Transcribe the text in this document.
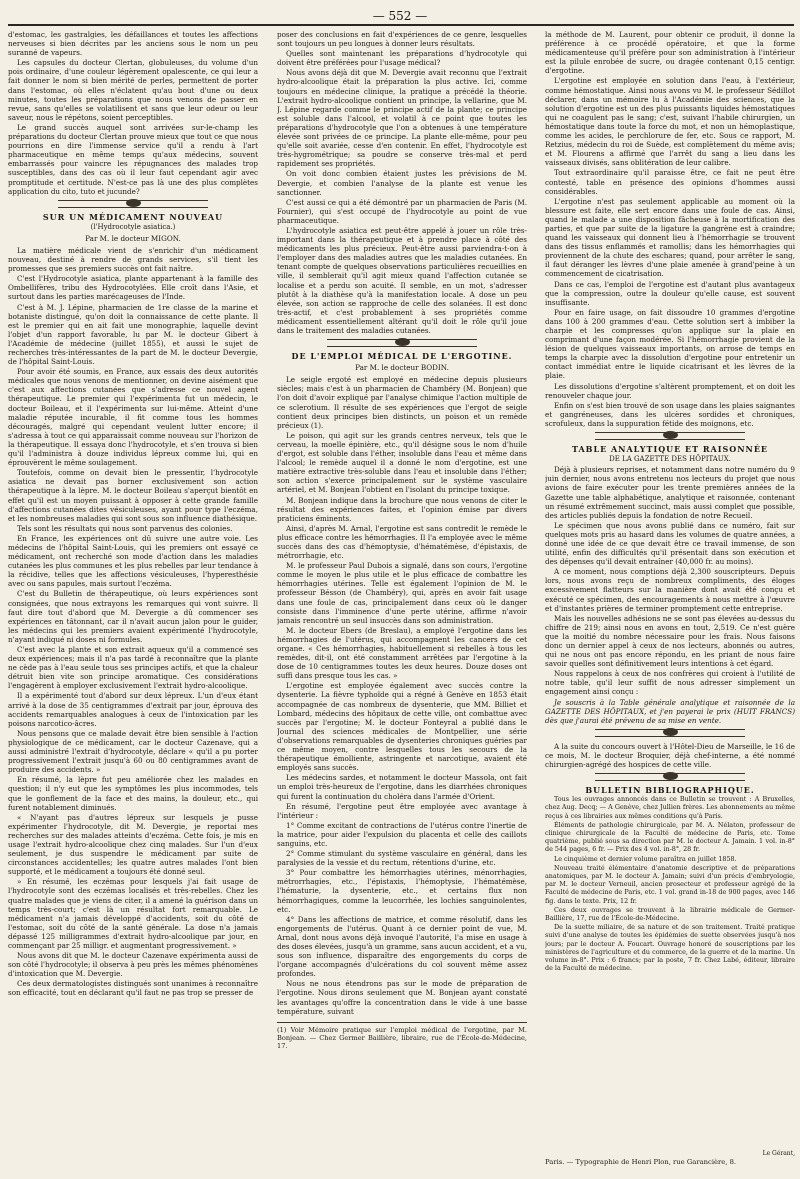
— 552 —

d'estomac, les gastralgies, les défaillances et toutes les affections nerveuses si bien décrites par les anciens sous le nom un peu suranné de vapeurs.

Les capsules du docteur Clertan, globuleuses, du volume d'un pois ordinaire, d'une couleur légèrement opalescente, ce qui leur a fait donner le nom si bien mérité de perles, permettent de porter dans l'estomac, où elles n'éclatent qu'au bout d'une ou deux minutes, toutes les préparations que nous venons de passer en revue, sans qu'elles se volatilisent et sans que leur odeur ou leur saveur, nous le répétons, soient perceptibles.

Le grand succès auquel sont arrivées sur-le-champ les préparations du docteur Clertan prouve mieux que tout ce que nous pourrions en dire l'immense service qu'il a rendu à l'art pharmaceutique en même temps qu'aux médecins, souvent embarrassés pour vaincre les répugnances des malades trop susceptibles, dans des cas où il leur faut cependant agir avec promptitude et certitude. N'est-ce pas là une des plus complètes application du cito, tuto et jucunde?

SUR UN MÉDICAMENT NOUVEAU
(l'Hydrocotyle asiatica.)
Par M. le docteur MIGON.

La matière médicale vient de s'enrichir d'un médicament nouveau, destiné à rendre de grands services, s'il tient les promesses que ses premiers succès ont fait naître.

C'est l'Hydrocotyle asiatica, plante appartenant à la famille des Ombellifères, tribu des Hydrocotylées. Elle croît dans l'Asie, et surtout dans les parties marécageuses de l'Inde.

C'est à M. J. Lépine, pharmacien de 1re classe de la marine et botaniste distingué, qu'on doit la connaissance de cette plante. Il est le premier qui en ait fait une monographie, laquelle devint l'objet d'un rapport favorable, lu par M. le docteur Gibert à l'Académie de médecine (juillet 1855), et aussi le sujet de recherches très-intéressantes de la part de M. le docteur Devergie, de l'hôpital Saint-Louis.

Pour avoir été soumis, en France, aux essais des deux autorités médicales que nous venons de mentionner, on devine aisément que c'est aux affections cutanées que s'adresse ce nouvel agent thérapeutique. Le premier qui l'expérimenta fut un médecin, le docteur Boileau, et il l'expérimenta sur lui-même. Atteint d'une maladie réputée incurable, il fit comme tous les hommes découragés, malgré qui cependant veulent lutter encore; il s'adressa à tout ce qui apparaissait comme nouveau sur l'horizon de la thérapeutique. Il essaya donc l'hydrocotyle, et s'en trouva si bien qu'il l'administra à douze individus lépreux comme lui, qui en éprouvèrent le même soulagement.

Toutefois, comme on devait bien le pressentir, l'hydrocotyle asiatica ne devait pas borner exclusivement son action thérapeutique à la lèpre. M. le docteur Boileau s'aperçut bientôt en effet qu'il est un moyen puissant à opposer à cette grande famille d'affections cutanées dites vésiculeuses, ayant pour type l'eczéma, et les nombreuses maladies qui sont sous son influence diathésique.

Tels sont les résultats qui nous sont parvenus des colonies.

En France, les expériences ont dû suivre une autre voie. Les médecins de l'hôpital Saint-Louis, qui les premiers ont essayé ce médicament, ont recherché son mode d'action dans les maladies cutanées les plus communes et les plus rebelles par leur tendance à la récidive, telles que les affections vésiculeuses, l'hyperesthésie avec ou sans papules, mais surtout l'eczéma.

C'est du Bulletin de thérapeutique, où leurs expériences sont consignées, que nous extrayons les remarques qui vont suivre. Il faut dire tout d'abord que M. Devergie a dû commencer ses expériences en tâtonnant, car il n'avait aucun jalon pour le guider, les médecins qui les premiers avaient expérimenté l'hydrocotyle, n'ayant indiqué ni doses ni formules.

C'est avec la plante et son extrait aqueux qu'il a commencé ses deux expériences; mais il n'a pas tardé à reconnaître que la plante ne cède pas à l'eau seule tous ses principes actifs, et que la chaleur détruit bien vite son principe aromatique. Ces considérations l'engagèrent à employer exclusivement l'extrait hydro-alcoolique.

Il a expérimenté tout d'abord sur deux lépreux. L'un d'eux étant arrivé à la dose de 35 centigrammes d'extrait par jour, éprouva des accidents remarquables analogues à ceux de l'intoxication par les poisons narcotico-âcres.

Nous pensons que ce malade devait être bien sensible à l'action physiologique de ce médicament, car le docteur Cazenave, qui a aussi administré l'extrait d'hydrocotyle, déclare « qu'il a pu porter progressivement l'extrait jusqu'à 60 ou 80 centigrammes avant de produire des accidents. »

En résumé, la lèpre fut peu améliorée chez les malades en question; il n'y eut que les symptômes les plus incommodes, tels que le gonflement de la face et des mains, la douleur, etc., qui furent notablement diminués.

« N'ayant pas d'autres lépreux sur lesquels je pusse expérimenter l'hydrocotyle, dit M. Devergie, je reportai mes recherches sur des malades atteints d'eczéma. Cette fois, je mis en usage l'extrait hydro-alcoolique chez cinq malades. Sur l'un d'eux seulement, je dus suspendre le médicament par suite de circonstances accidentelles; les quatre autres malades l'ont bien supporté, et le médicament a toujours été donné seul.

» En résumé, les eczémas pour lesquels j'ai fait usage de l'hydrocotyle sont des eczémas localisés et très-rebelles. Chez les quatre malades que je viens de citer, il a amené la guérison dans un temps très-court; c'est là un résultat fort remarquable. Le médicament n'a jamais développé d'accidents, soit du côté de l'estomac, soit du côté de la santé générale. La dose n'a jamais dépassé 125 milligrammes d'extrait hydro-alcoolique par jour, en commençant par 25 milligr. et augmentant progressivement. »

Nous avons dit que M. le docteur Cazenave expérimenta aussi de son côté l'hydrocotyle; il observa à peu près les mêmes phénomènes d'intoxication que M. Devergie.

Ces deux dermatologistes distingués sont unanimes à reconnaître son efficacité, tout en déclarant qu'il faut ne pas trop se presser de

poser des conclusions en fait d'expériences de ce genre, lesquelles sont toujours un peu longues à donner leurs résultats.

Quelles sont maintenant les préparations d'hydrocotyle qui doivent être préférées pour l'usage médical?

Nous avons déjà dit que M. Devergie avait reconnu que l'extrait hydro-alcoolique était la préparation la plus active. Ici, comme toujours en médecine clinique, la pratique a précédé la théorie. L'extrait hydro-alcoolique contient un principe, la vellarine, que M. J. Lépine regarde comme le principe actif de la plante; ce principe est soluble dans l'alcool, et volatil à ce point que toutes les préparations d'hydrocotyle que l'on a obtenues à une température élevée sont privées de ce principe. La plante elle-même, pour peu qu'elle soit avariée, cesse d'en contenir. En effet, l'hydrocotyle est très-hygrométrique; sa poudre se conserve très-mal et perd rapidement ses propriétés.

On voit donc combien étaient justes les prévisions de M. Devergie, et combien l'analyse de la plante est venue les sanctionner.

C'est aussi ce qui a été démontré par un pharmacien de Paris (M. Fournier), qui s'est occupé de l'hydrocotyle au point de vue pharmaceutique.

L'hydrocotyle asiatica est peut-être appelé à jouer un rôle très-important dans la thérapeutique et à prendre place à côté des médicaments les plus précieux. Peut-être aussi parviendra-t-on à l'employer dans des maladies autres que les maladies cutanées. En tenant compte de quelques observations particulières recueillies en ville, il semblerait qu'il agit mieux quand l'affection cutanée se localise et a perdu son acuité. Il semble, en un mot, s'adresser plutôt à la diathèse qu'à la manifestation locale. A dose un peu élevée, son action se rapproche de celle des solanées. Il est donc très-actif, et c'est probablement à ses propriétés comme médicament essentiellement altérant qu'il doit le rôle qu'il joue dans le traitement des maladies cutanées.

DE L'EMPLOI MÉDICAL DE L'ERGOTINE.
Par M. le docteur BODIN.

Le seigle ergoté est employé en médecine depuis plusieurs siècles; mais c'est à un pharmacien de Chambéry (M. Bonjean) que l'on doit d'avoir expliqué par l'analyse chimique l'action multiple de ce sclerotium. Il résulte de ses expériences que l'ergot de seigle contient deux principes bien distincts, un poison et un remède précieux (1).

Le poison, qui agit sur les grands centres nerveux, tels que le cerveau, la moelle épinière, etc., qu'il désigne sous le nom d'huile d'ergot, est soluble dans l'éther, insoluble dans l'eau et même dans l'alcool; le remède auquel il a donné le nom d'ergotine, est une matière extractive très-soluble dans l'eau et insoluble dans l'éther; son action s'exerce principalement sur le système vasculaire artériel, et M. Bonjean l'obtient en l'isolant du principe toxique.

M. Bonjean indique dans la brochure que nous venons de citer le résultat des expériences faites, et l'opinion émise par divers praticiens éminents.

Ainsi, d'après M. Arnal, l'ergotine est sans contredit le remède le plus efficace contre les hémorrhagies. Il l'a employée avec le même succès dans des cas d'hémoptysie, d'hématémèse, d'épistaxis, de métrorrhagie, etc.

M. le professeur Paul Dubois a signalé, dans son cours, l'ergotine comme le moyen le plus utile et le plus efficace de combattre les hémorrhagies utérines. Telle est également l'opinion de M. le professeur Bésson (de Chambéry), qui, après en avoir fait usage dans une foule de cas, principalement dans ceux où le danger consiste dans l'imminence d'une perte utérine, affirme n'avoir jamais rencontré un seul insuccès dans son administration.

M. le docteur Ebers (de Breslau), a employé l'ergotine dans les hémorrhagies de l'utérus, qui accompagnent les cancers de cet organe. « Ces hémorrhagies, habituellement si rebelles à tous les remèdes, dit-il, ont été constamment arrêtées par l'ergotine à la dose de 10 centigrammes toutes les deux heures. Douze doses ont suffi dans presque tous les cas. »

L'ergotine est employée également avec succès contre la dysenterie. La fièvre typhoïde qui a régné à Genève en 1853 était accompagnée de cas nombreux de dysenterie, que MM. Billiet et Lombard, médecins des hôpitaux de cette ville, ont combattue avec succès par l'ergotine; M. le docteur Fonteyral a publié dans le Journal des sciences médicales de Montpellier, une série d'observations remarquables de dysenteries chroniques guéries par ce même moyen, contre lesquelles tous les secours de la thérapeutique émolliente, astringente et narcotique, avaient été employés sans succès.

Les médecins sardes, et notamment le docteur Massola, ont fait un emploi très-heureux de l'ergotine, dans les diarrhées chroniques qui furent la continuation du choléra dans l'armée d'Orient.

En résumé, l'ergotine peut être employée avec avantage à l'intérieur :

1° Comme excitant de contractions de l'utérus contre l'inertie de la matrice, pour aider l'expulsion du placenta et celle des caillots sanguins, etc.

2° Comme stimulant du système vasculaire en général, dans les paralysies de la vessie et du rectum, rétentions d'urine, etc.

3° Pour combattre les hémorrhagies utérines, ménorrhagies, métrorrhagies, etc., l'épistaxis, l'hémoptysie, l'hématémèse, l'hématurie, la dysenterie, etc., et certains flux non hémorrhagiques, comme la leucorrhée, les lochies sanguinolentes, etc.

4° Dans les affections de matrice, et comme résolutif, dans les engorgements de l'utérus. Quant à ce dernier point de vue, M. Arnal, dont nous avons déjà invoqué l'autorité, l'a mise en usage à des doses élevées, jusqu'à un gramme, sans aucun accident, et a vu, sous son influence, disparaître des engorgements du corps de l'organe accompagnés d'ulcérations du col souvent même assez profondes.

Nous ne nous étendrons pas sur le mode de préparation de l'ergotine. Nous dirons seulement que M. Bonjean ayant constaté les avantages qu'offre la concentration dans le vide à une basse température, suivant

(1) Voir Mémoire pratique sur l'emploi médical de l'ergotine, par M. Bonjean. — Chez Germer Baillière, libraire, rue de l'École-de-Médecine, 17.

la méthode de M. Laurent, pour obtenir ce produit, il donne la préférence à ce procédé opératoire, et que la forme médicamenteuse qu'il préfère pour son administration à l'intérieur est la pilule enrobée de sucre, ou dragée contenant 0,15 centigr. d'ergotine.

L'ergotine est employée en solution dans l'eau, à l'extérieur, comme hémostatique. Ainsi nous avons vu M. le professeur Sédillot déclarer, dans un mémoire lu à l'Académie des sciences, que la solution d'ergotine est un des plus puissants liquides hémostatiques qui ne coagulent pas le sang; c'est, suivant l'habile chirurgien, un hémostatique dans toute la force du mot, et non un hémoplastique, comme les acides, le perchlorure de fer, etc. Sous ce rapport, M. Retzius, médecin du roi de Suède, est complètement du même avis; et M. Flourens a affirmé que l'arrêt du sang a lieu dans les vaisseaux divisés, sans oblitération de leur calibre.

Tout extraordinaire qu'il paraisse être, ce fait ne peut être contesté, table en présence des opinions d'hommes aussi considérables.

L'ergotine n'est pas seulement applicable au moment où la blessure est faite, elle sert encore dans une foule de cas. Ainsi, quand le malade a une disposition fâcheuse à la mortification des parties, et que par suite de la ligature la gangrène est à craindre; quand les vaisseaux qui donnent lieu à l'hémorrhagie se trouvent dans des tissus enflammés et ramollis; dans les hémorrhagies qui proviennent de la chute des eschares; quand, pour arrêter le sang, il faut déranger les lèvres d'une plaie amenée à grand'peine à un commencement de cicatrisation.

Dans ce cas, l'emploi de l'ergotine est d'autant plus avantageux que la compression, outre la douleur qu'elle cause, est souvent insuffisante.

Pour en faire usage, on fait dissoudre 10 grammes d'ergotine dans 100 à 200 grammes d'eau. Cette solution sert à imbiber la charpie et les compresses qu'on applique sur la plaie en comprimant d'une façon modérée. Si l'hémorrhagie provient de la lésion de quelques vaisseaux importants, on arrose de temps en temps la charpie avec la dissolution d'ergotine pour entretenir un contact immédiat entre le liquide cicatrisant et les lèvres de la plaie.

Les dissolutions d'ergotine s'altèrent promptement, et on doit les renouveler chaque jour.

Enfin on s'est bien trouvé de son usage dans les plaies saignantes et gangréneuses, dans les ulcères sordides et chroniques, scrofuleux, dans la suppuration fétide des moignons, etc.

TABLE ANALYTIQUE ET RAISONNÉE
DE LA GAZETTE DES HÔPITAUX.

Déjà à plusieurs reprises, et notamment dans notre numéro du 9 juin dernier, nous avons entretenu nos lecteurs du projet que nous avions de faire exécuter pour les trente premières années de la Gazette une table alphabétique, analytique et raisonnée, contenant un résumé extrêmement succinct, mais aussi complet que possible, des articles publiés depuis la fondation de notre Recueil.

Le spécimen que nous avons publié dans ce numéro, fait sur quelques mots pris au hasard dans les volumes de quatre années, a donné une idée de ce que devait être ce travail immense, de son utilité, enfin des difficultés qu'il présentait dans son exécution et des dépenses qu'il devait entraîner (40,000 fr. au moins).

A ce moment, nous comptions déjà 2,300 souscripteurs. Depuis lors, nous avons reçu de nombreux compliments, des éloges excessivement flatteurs sur la manière dont avait été conçu et exécuté ce spécimen, des encouragements à nous mettre à l'œuvre et d'instantes prières de terminer promptement cette entreprise.

Mais les nouvelles adhésions ne se sont pas élevées au-dessus du chiffre de 219; ainsi nous en avons en tout, 2,519. Ce n'est guère que la moitié du nombre nécessaire pour les frais. Nous faisons donc un dernier appel à ceux de nos lecteurs, abonnés ou autres, qui ne nous ont pas encore répondu, en les priant de nous faire savoir quelles sont définitivement leurs intentions à cet égard.

Nous rappelons à ceux de nos confrères qui croient à l'utilité de notre table, qu'il leur suffit de nous adresser simplement un engagement ainsi conçu :

Je souscris à la Table générale analytique et raisonnée de la GAZETTE DES HÔPITAUX, et j'en payerai le prix (HUIT FRANCS) dès que j'aurai été prévenu de sa mise en vente.

A la suite du concours ouvert à l'Hôtel-Dieu de Marseille, le 16 de ce mois, M. le docteur Broquier, déjà chef-interne, a été nommé chirurgien-agrégé des hospices de cette ville.

BULLETIN BIBLIOGRAPHIQUE.

Tous les ouvrages annoncés dans ce Bulletin se trouvent : A Bruxelles, chez Aug. Decq; — A Genève, chez Jullien frères. Les abonnements au même reçus à ces librairies aux mêmes conditions qu'à Paris.

Éléments de pathologie chirurgicale, par M. A. Nélaton, professeur de clinique chirurgicale de la Faculté de médecine de Paris, etc. Tome quatrième, publié sous sa direction par M. le docteur A. Jamain. 1 vol. in-8° de 544 pages, 6 fr. — Prix des 4 vol. in-8°, 28 fr.

Le cinquième et dernier volume paraîtra en juillet 1858.

Nouveau traité élémentaire d'anatomie descriptive et de préparations anatomiques, par M. le docteur A. Jamain; suivi d'un précis d'embryologie, par M. le docteur Verneuil, ancien prosecteur et professeur agrégé de la Faculté de médecine de Paris, etc. 1 vol. grand in-18 de 900 pages, avec 146 fig. dans le texte. Prix, 12 fr.

Ces deux ouvrages se trouvent à la librairie médicale de Germer-Baillière, 17, rue de l'École-de-Médecine.

De la suette miliaire, de sa nature et de son traitement. Traité pratique suivi d'une analyse de toutes les épidémies de suette observées jusqu'à nos jours; par le docteur A. Foucart. Ouvrage honoré de souscriptions par les ministères de l'agriculture et du commerce, de la guerre et de la marine. Un volume in-8°. Prix : 6 francs; par la poste, 7 fr. Chez Labé, éditeur, libraire de la Faculté de médecine.

Le Gérant,
Paris. — Typographie de Henri Plon, rue Garancière, 8.
